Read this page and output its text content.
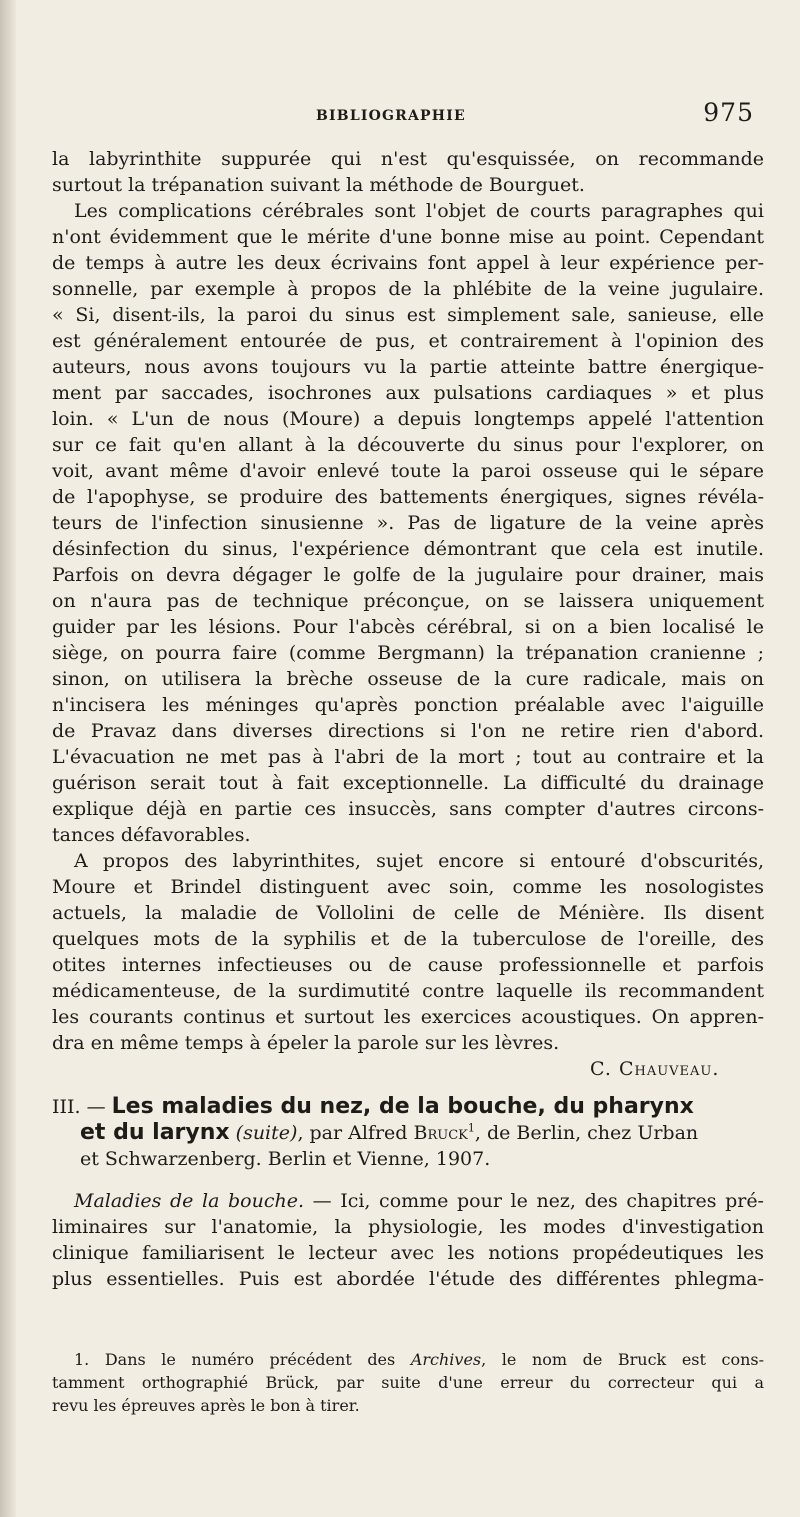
BIBLIOGRAPHIE	975
la labyrinthite suppurée qui n'est qu'esquissée, on recommande
surtout la trépanation suivant la méthode de Bourguet.
Les complications cérébrales sont l'objet de courts paragraphes qui
n'ont évidemment que le mérite d'une bonne mise au point. Cependant
de temps à autre les deux écrivains font appel à leur expérience per-
sonnelle, par exemple à propos de la phlébite de la veine jugulaire.
« Si, disent-ils, la paroi du sinus est simplement sale, sanieuse, elle
est généralement entourée de pus, et contrairement à l'opinion des
auteurs, nous avons toujours vu la partie atteinte battre énergique-
ment par saccades, isochrones aux pulsations cardiaques » et plus
loin. « L'un de nous (Moure) a depuis longtemps appelé l'attention
sur ce fait qu'en allant à la découverte du sinus pour l'explorer, on
voit, avant même d'avoir enlevé toute la paroi osseuse qui le sépare
de l'apophyse, se produire des battements énergiques, signes révéla-
teurs de l'infection sinusienne ». Pas de ligature de la veine après
désinfection du sinus, l'expérience démontrant que cela est inutile.
Parfois on devra dégager le golfe de la jugulaire pour drainer, mais
on n'aura pas de technique préconçue, on se laissera uniquement
guider par les lésions. Pour l'abcès cérébral, si on a bien localisé le
siège, on pourra faire (comme Bergmann) la trépanation cranienne ;
sinon, on utilisera la brèche osseuse de la cure radicale, mais on
n'incisera les méninges qu'après ponction préalable avec l'aiguille
de Pravaz dans diverses directions si l'on ne retire rien d'abord.
L'évacuation ne met pas à l'abri de la mort ; tout au contraire et la
guérison serait tout à fait exceptionnelle. La difficulté du drainage
explique déjà en partie ces insuccès, sans compter d'autres circons-
tances défavorables.
A propos des labyrinthites, sujet encore si entouré d'obscurités,
Moure et Brindel distinguent avec soin, comme les nosologistes
actuels, la maladie de Vollolini de celle de Ménière. Ils disent
quelques mots de la syphilis et de la tuberculose de l'oreille, des
otites internes infectieuses ou de cause professionnelle et parfois
médicamenteuse, de la surdimutité contre laquelle ils recommandent
les courants continus et surtout les exercices acoustiques. On appren-
dra en même temps à épeler la parole sur les lèvres.
C. Chauveau.
III. — Les maladies du nez, de la bouche, du pharynx
et du larynx (suite), par Alfred Bruck$^1$, de Berlin, chez Urban
et Schwarzenberg. Berlin et Vienne, 1907.
Maladies de la bouche. — Ici, comme pour le nez, des chapitres pré-
liminaires sur l'anatomie, la physiologie, les modes d'investigation
clinique familiarisent le lecteur avec les notions propédeutiques les
plus essentielles. Puis est abordée l'étude des différentes phlegma-
1. Dans le numéro précédent des Archives, le nom de Bruck est cons-
tamment orthographié Brück, par suite d'une erreur du correcteur qui a
revu les épreuves après le bon à tirer.
